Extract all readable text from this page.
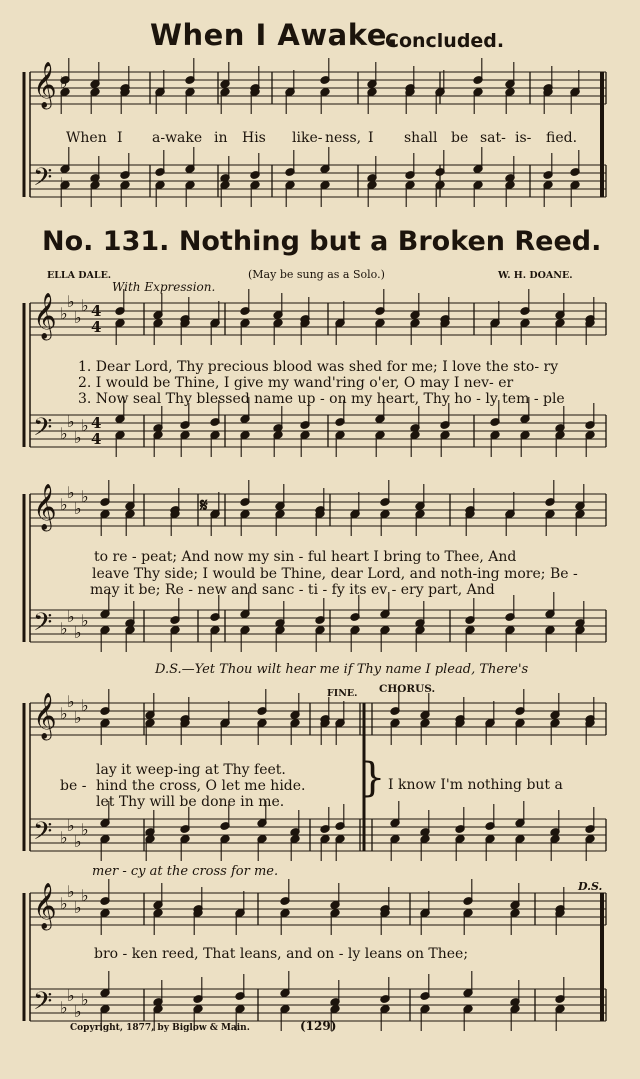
𝄞
𝄢
𝄞
𝄢
♭
♭
♭
♭
♭
♭
♭
♭
4
4
4
4
𝄞
𝄢
♭
♭
♭
♭
♭
♭
♭
♭
𝄞
𝄢
♭
♭
♭
♭
♭
♭
♭
♭
𝄞
𝄢
♭
♭
♭
♭
♭
♭
♭
♭
When I Awake.
Concluded.
When I a-wake in His like- ness, I shall be sat- is- fied.
No. 131. Nothing but a Broken Reed.
ELLA DALE.	(May be sung as a Solo.)	W. H. DOANE.
With Expression.
1. Dear Lord, Thy precious blood was shed for me; I love the sto- ry
2. I would be Thine, I give my wand'ring o'er, O may I nev- er
3. Now seal Thy blessed name up - on my heart, Thy ho - ly tem - ple
to re - peat; And now my sin - ful heart I bring to Thee, And
leave Thy side; I would be Thine, dear Lord, and noth-ing more; Be -
may it be; Re - new and sanc - ti - fy its ev - ery part, And
𝄋
D.S.—Yet Thou wilt hear me if Thy name I plead, There's
FINE. CHORUS.
lay it weep-ing at Thy feet.
be - hind the cross, O let me hide.
let Thy will be done in me.
} I know I'm nothing but a
mer - cy at the cross for me.
D.S.
bro - ken reed, That leans, and on - ly leans on Thee;
Copyright, 1877, by Biglow & Main.	(129)
